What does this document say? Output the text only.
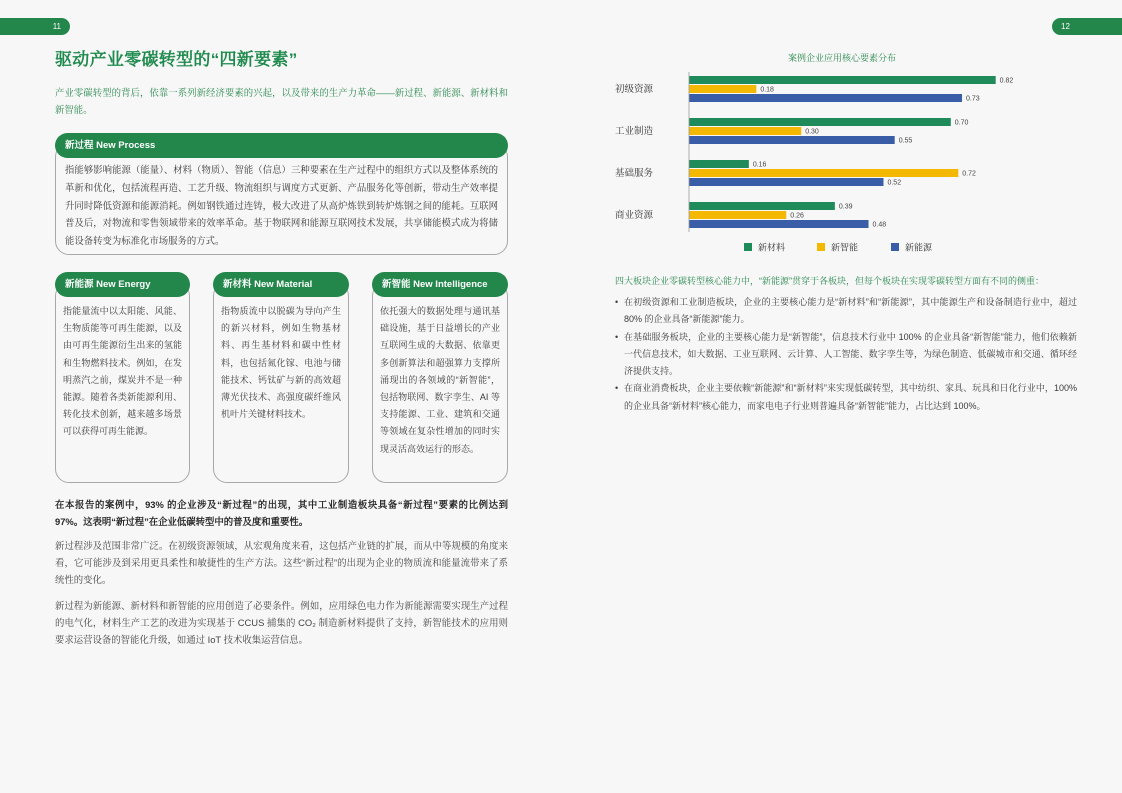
11
驱动产业零碳转型的“四新要素”

产业零碳转型的背后，依靠一系列新经济要素的兴起，以及带来的生产力革命——新过程、新能源、新材料和新智能。

新过程 New Process

指能够影响能源（能量）、材料（物质）、智能（信息）三种要素在生产过程中的组织方式以及整体系统的革新和优化，包括流程再造、工艺升级、物流组织与调度方式更新、产品服务化等创新，带动生产效率提升同时降低资源和能源消耗。例如钢铁通过连铸，极大改进了从高炉炼铁到转炉炼钢之间的能耗。互联网普及后，对物流和零售领域带来的效率革命。基于物联网和能源互联网技术发展，共享储能模式成为将储能设备转变为标准化市场服务的方式。

新能源 New Energy

指能量流中以太阳能、风能、生物质能等可再生能源，以及由可再生能源衍生出来的氢能和生物燃料技术。例如，在发明蒸汽之前，煤炭并不是一种能源。随着各类新能源利用、转化技术创新，越来越多场景可以获得可再生能源。

新材料 New Material

指物质流中以脱碳为导向产生的新兴材料，例如生物基材料、再生基材料和碳中性材料，也包括氮化镓、电池与储能技术、钙钛矿与新的高效超薄光伏技术、高强度碳纤维风机叶片关键材料技术。

新智能 New Intelligence

依托强大的数据处理与通讯基础设施，基于日益增长的产业互联网生成的大数据、依靠更多创新算法和超强算力支撑所涌现出的各领域的“新智能”，包括物联网、数字孪生、AI 等支持能源、工业、建筑和交通等领域在复杂性增加的同时实现灵活高效运行的形态。

在本报告的案例中，93% 的企业涉及“新过程”的出现，其中工业制造板块具备“新过程”要素的比例达到 97%。这表明“新过程”在企业低碳转型中的普及度和重要性。

新过程涉及范围非常广泛。在初级资源领域，从宏观角度来看，这包括产业链的扩展，而从中等规模的角度来看，它可能涉及到采用更具柔性和敏捷性的生产方法。这些“新过程”的出现为企业的物质流和能量流带来了系统性的变化。

新过程为新能源、新材料和新智能的应用创造了必要条件。例如，应用绿色电力作为新能源需要实现生产过程的电气化，材料生产工艺的改进为实现基于 CCUS 捕集的 CO₂ 制造新材料提供了支持，新智能技术的应用则要求运营设备的智能化升级，如通过 IoT 技术收集运营信息。

12
案例企业应用核心要素分布
初级资源
0.82
0.18
0.73
工业制造
0.70
0.30
0.55
基础服务
0.16
0.72
0.52
商业资源
0.39
0.26
0.48
新材料	新智能	新能源

四大板块企业零碳转型核心能力中，“新能源”贯穿于各板块，但每个板块在实现零碳转型方面有不同的侧重：

• 在初级资源和工业制造板块，企业的主要核心能力是“新材料”和“新能源”，其中能源生产和设备制造行业中，超过 80% 的企业具备“新能源”能力。
• 在基础服务板块，企业的主要核心能力是“新智能”，信息技术行业中 100% 的企业具备“新智能”能力，他们依赖新一代信息技术，如大数据、工业互联网、云计算、人工智能、数字孪生等，为绿色制造、低碳城市和交通、循环经济提供支持。
• 在商业消费板块，企业主要依赖“新能源”和“新材料”来实现低碳转型，其中纺织、家具、玩具和日化行业中，100% 的企业具备“新材料”核心能力，而家电电子行业则普遍具备“新智能”能力，占比达到 100%。
